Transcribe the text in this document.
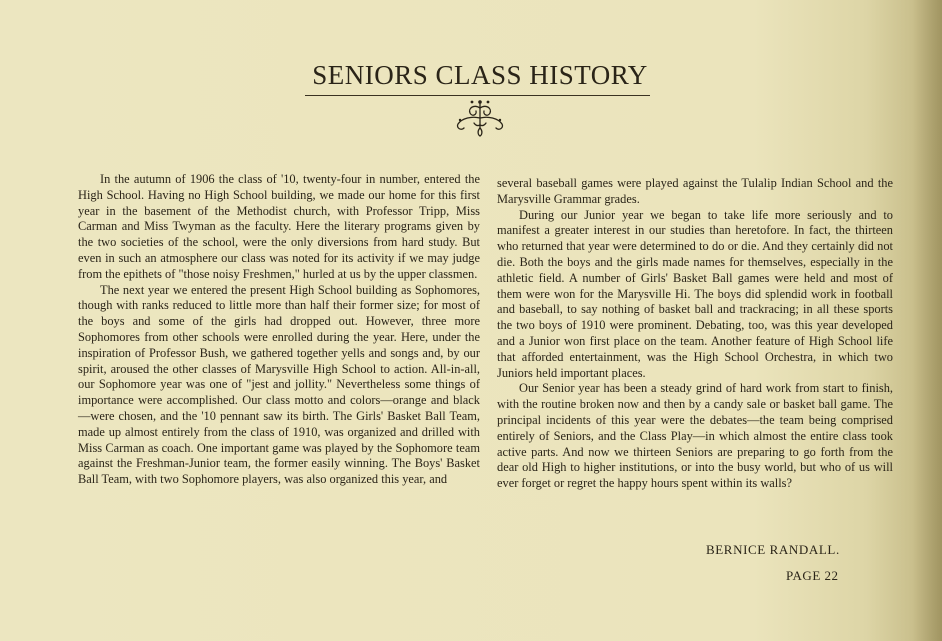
SENIORS CLASS HISTORY

In the autumn of 1906 the class of '10, twenty-four in number, entered the High School. Having no High School building, we made our home for this first year in the basement of the Methodist church, with Professor Tripp, Miss Carman and Miss Twyman as the faculty. Here the literary programs given by the two societies of the school, were the only diversions from hard study. But even in such an atmosphere our class was noted for its activity if we may judge from the epithets of "those noisy Freshmen," hurled at us by the upper classmen.

The next year we entered the present High School building as Sophomores, though with ranks reduced to little more than half their former size; for most of the boys and some of the girls had dropped out. However, three more Sophomores from other schools were enrolled during the year. Here, under the inspiration of Professor Bush, we gathered together yells and songs and, by our spirit, aroused the other classes of Marysville High School to action. All-in-all, our Sophomore year was one of "jest and jollity." Nevertheless some things of importance were accomplished. Our class motto and colors—orange and black—were chosen, and the '10 pennant saw its birth. The Girls' Basket Ball Team, made up almost entirely from the class of 1910, was organized and drilled with Miss Carman as coach. One important game was played by the Sophomore team against the Freshman-Junior team, the former easily winning. The Boys' Basket Ball Team, with two Sophomore players, was also organized this year, and

several baseball games were played against the Tulalip Indian School and the Marysville Grammar grades.

During our Junior year we began to take life more seriously and to manifest a greater interest in our studies than heretofore. In fact, the thirteen who returned that year were determined to do or die. And they certainly did not die. Both the boys and the girls made names for themselves, especially in the athletic field. A number of Girls' Basket Ball games were held and most of them were won for the Marysville Hi. The boys did splendid work in football and baseball, to say nothing of basket ball and trackracing; in all these sports the two boys of 1910 were prominent. Debating, too, was this year developed and a Junior won first place on the team. Another feature of High School life that afforded entertainment, was the High School Orchestra, in which two Juniors held important places.

Our Senior year has been a steady grind of hard work from start to finish, with the routine broken now and then by a candy sale or basket ball game. The principal incidents of this year were the debates—the team being comprised entirely of Seniors, and the Class Play—in which almost the entire class took active parts. And now we thirteen Seniors are preparing to go forth from the dear old High to higher institutions, or into the busy world, but who of us will ever forget or regret the happy hours spent within its walls?

BERNICE RANDALL.
PAGE 22
